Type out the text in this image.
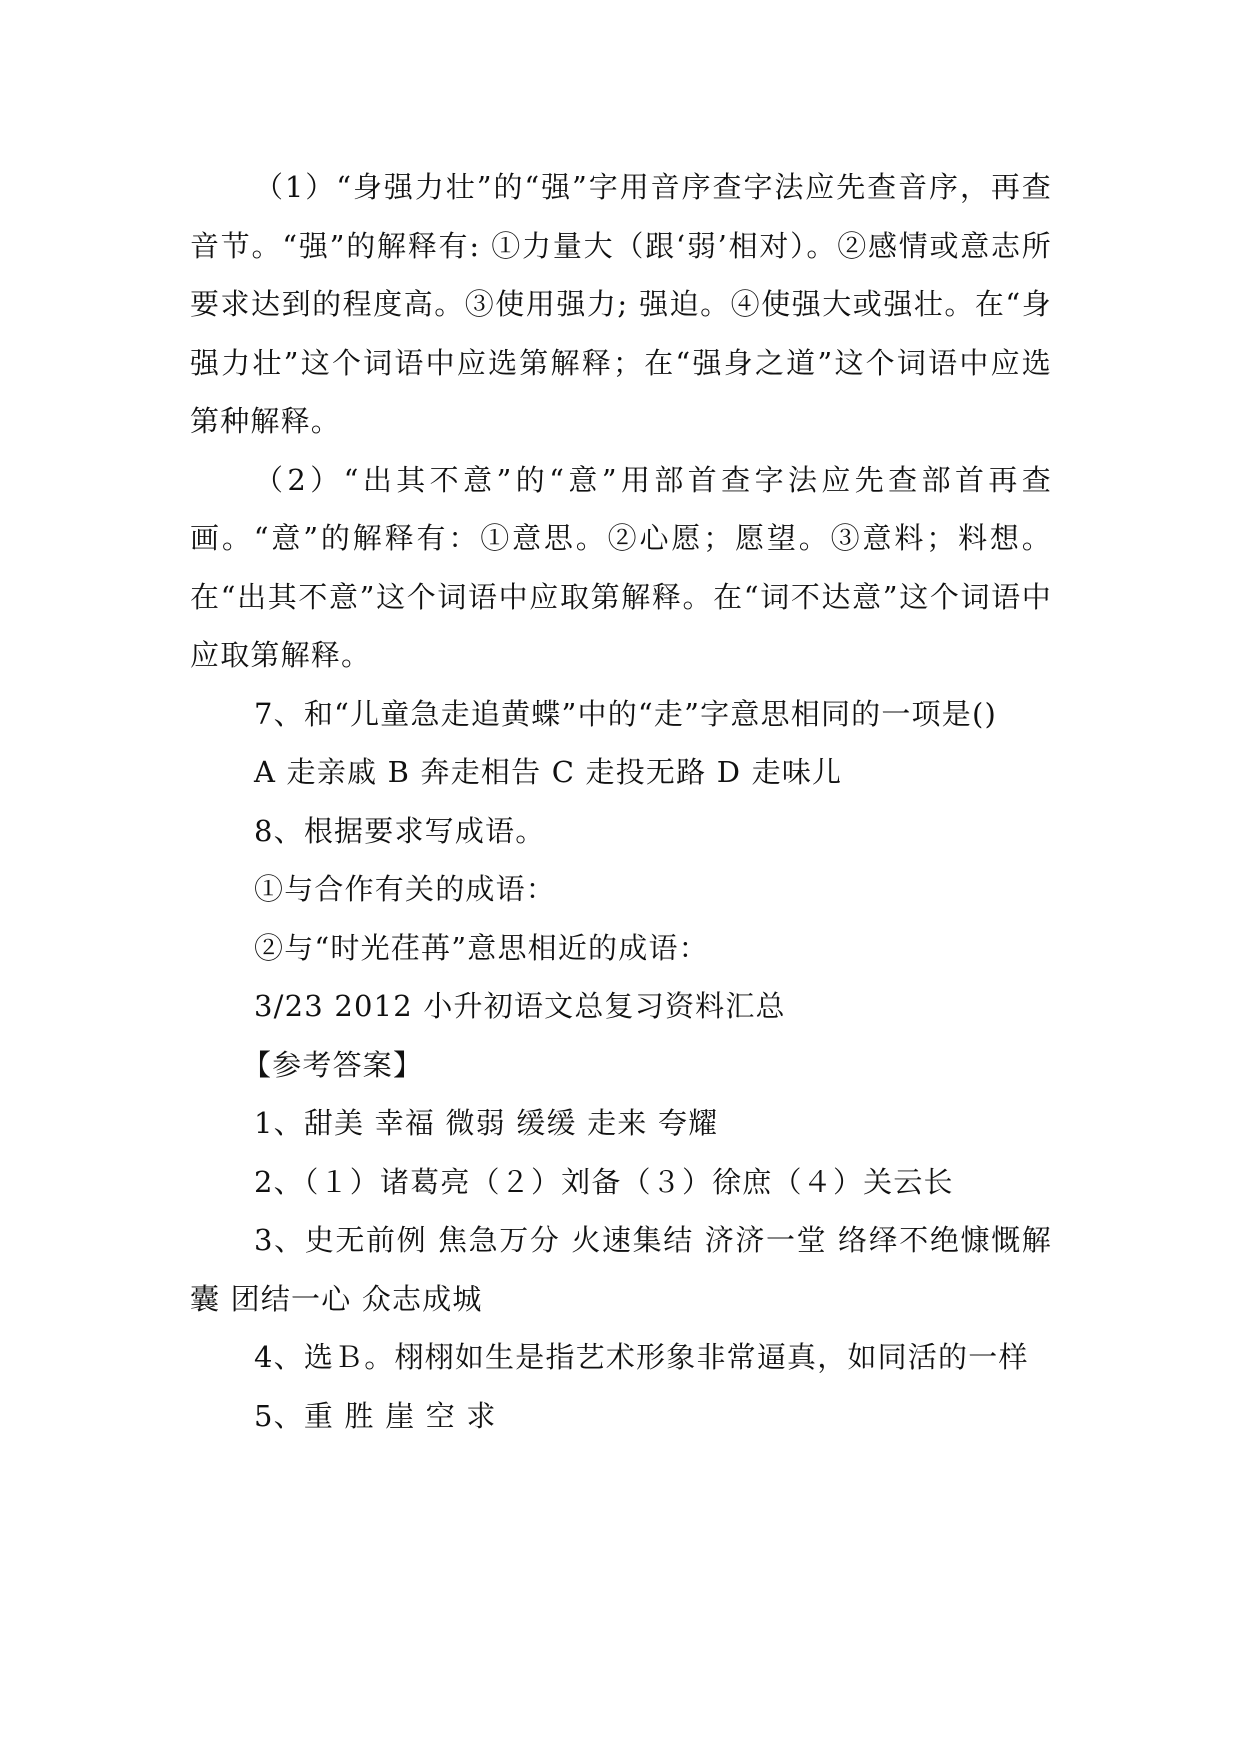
（1）“身强力壮”的“强”字用音序查字法应先查音序，再查音节。“强”的解释有: ①力量大（跟‘弱’相对）。②感情或意志所要求达到的程度高。③使用强力; 强迫。④使强大或强壮。在“身强力壮”这个词语中应选第解释；在“强身之道”这个词语中应选第种解释。

（2）“出其不意”的“意”用部首查字法应先查部首再查画。“意”的解释有：①意思。②心愿；愿望。③意料；料想。在“出其不意”这个词语中应取第解释。在“词不达意”这个词语中应取第解释。

7、和“儿童急走追黄蝶”中的“走”字意思相同的一项是()

A 走亲戚 B 奔走相告 C 走投无路 D 走味儿

8、根据要求写成语。

①与合作有关的成语：

②与“时光荏苒”意思相近的成语：

3/23 2012 小升初语文总复习资料汇总

【参考答案】

1、甜美 幸福 微弱 缓缓 走来 夸耀

2、（１）诸葛亮（２）刘备（３）徐庶（４）关云长

3、史无前例 焦急万分 火速集结 济济一堂 络绎不绝慷慨解囊 团结一心 众志成城

4、选Ｂ。栩栩如生是指艺术形象非常逼真，如同活的一样

5、重 胜 崖 空 求
